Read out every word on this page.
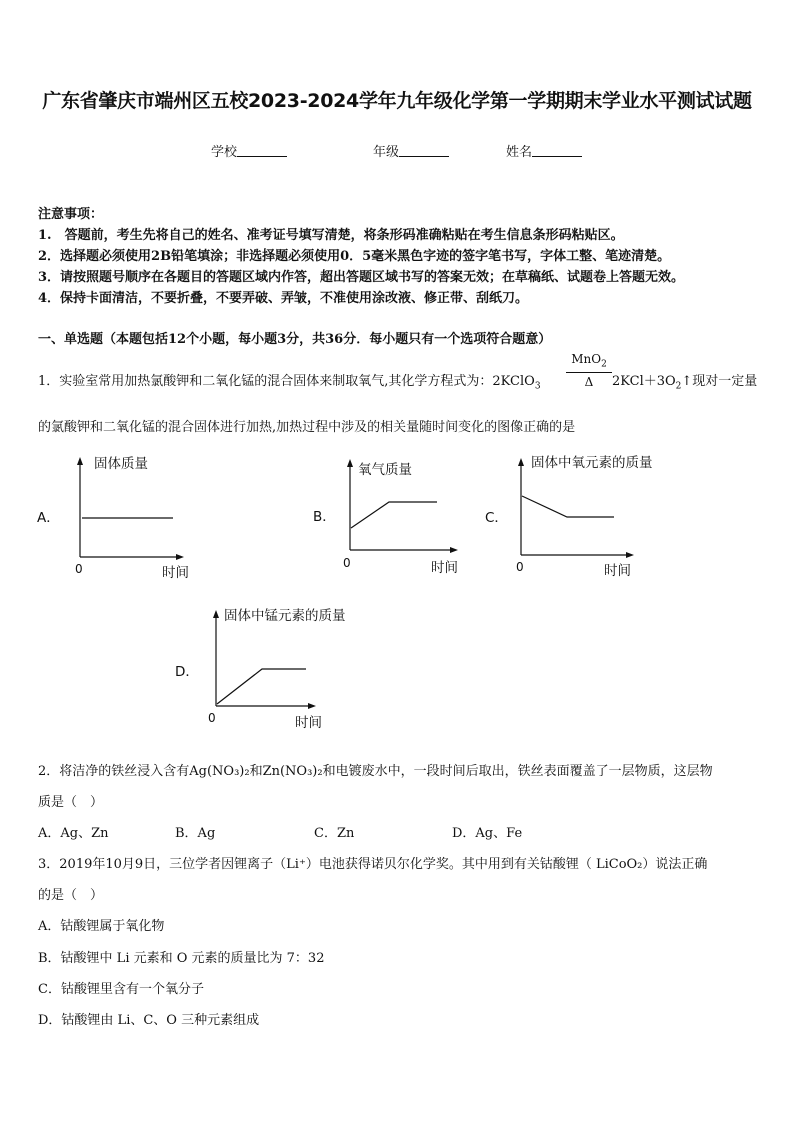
广东省肇庆市端州区五校2023-2024学年九年级化学第一学期期末学业水平测试试题
学校	年级	姓名
注意事项：
1.　答题前，考生先将自己的姓名、准考证号填写清楚，将条形码准确粘贴在考生信息条形码粘贴区。
2．选择题必须使用2B铅笔填涂；非选择题必须使用0．5毫米黑色字迹的签字笔书写，字体工整、笔迹清楚。
3．请按照题号顺序在各题目的答题区域内作答，超出答题区域书写的答案无效；在草稿纸、试题卷上答题无效。
4．保持卡面清洁，不要折叠，不要弄破、弄皱，不准使用涂改液、修正带、刮纸刀。
一、单选题（本题包括12个小题，每小题3分，共36分．每小题只有一个选项符合题意）
1．实验室常用加热氯酸钾和二氧化锰的混合固体来制取氧气,其化学方程式为：2KClO$_3$
MnO$_2$
Δ	$2KCl+3O_2↑$现对一定量
的氯酸钾和二氧化锰的混合固体进行加热,加热过程中涉及的相关量随时间变化的图像正确的是
A．
固体质量
0	时间
B．
氧气质量
0	时间
C．
固体中氧元素的质量
0	时间
D．
固体中锰元素的质量
0	时间
2．将洁净的铁丝浸入含有Ag(NO₃)₂和Zn(NO₃)₂和电镀废水中，一段时间后取出，铁丝表面覆盖了一层物质，这层物
质是（　）
A．Ag、Zn	B．Ag	C．Zn	D．Ag、Fe
3．2019年10月9日，三位学者因锂离子（Li⁺）电池获得诺贝尔化学奖。其中用到有关钴酸锂（ LiCoO₂）说法正确
的是（　）
A．钴酸锂属于氧化物
B．钴酸锂中 Li 元素和 O 元素的质量比为 7：32
C．钴酸锂里含有一个氧分子
D．钴酸锂由 Li、C、O 三种元素组成
